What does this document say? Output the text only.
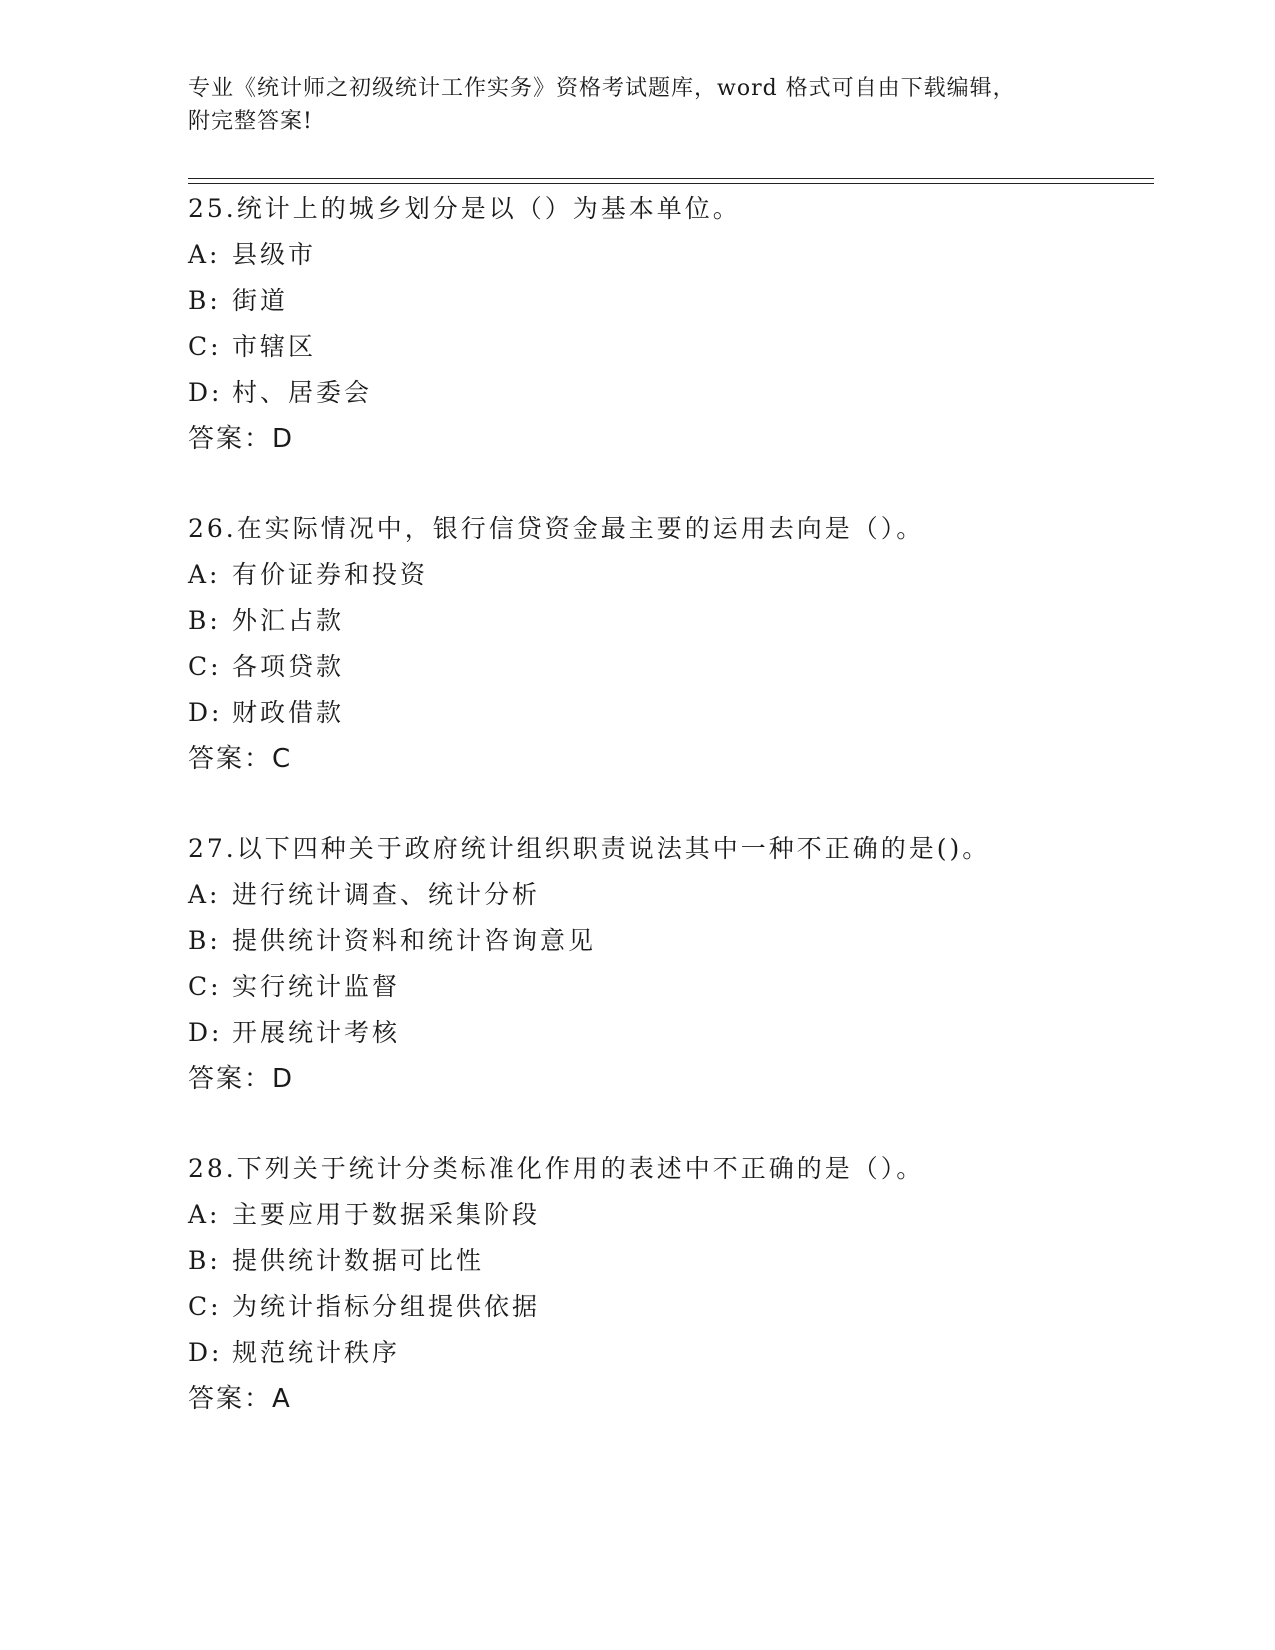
专业《统计师之初级统计工作实务》资格考试题库，word 格式可自由下载编辑，
附完整答案!
25.统计上的城乡划分是以（）为基本单位。
A: 县级市
B: 街道
C: 市辖区
D: 村、居委会
答案：D
26.在实际情况中，银行信贷资金最主要的运用去向是（）。
A: 有价证券和投资
B: 外汇占款
C: 各项贷款
D: 财政借款
答案：C
27.以下四种关于政府统计组织职责说法其中一种不正确的是()。
A: 进行统计调查、统计分析
B: 提供统计资料和统计咨询意见
C: 实行统计监督
D: 开展统计考核
答案：D
28.下列关于统计分类标准化作用的表述中不正确的是（）。
A: 主要应用于数据采集阶段
B: 提供统计数据可比性
C: 为统计指标分组提供依据
D: 规范统计秩序
答案：A
